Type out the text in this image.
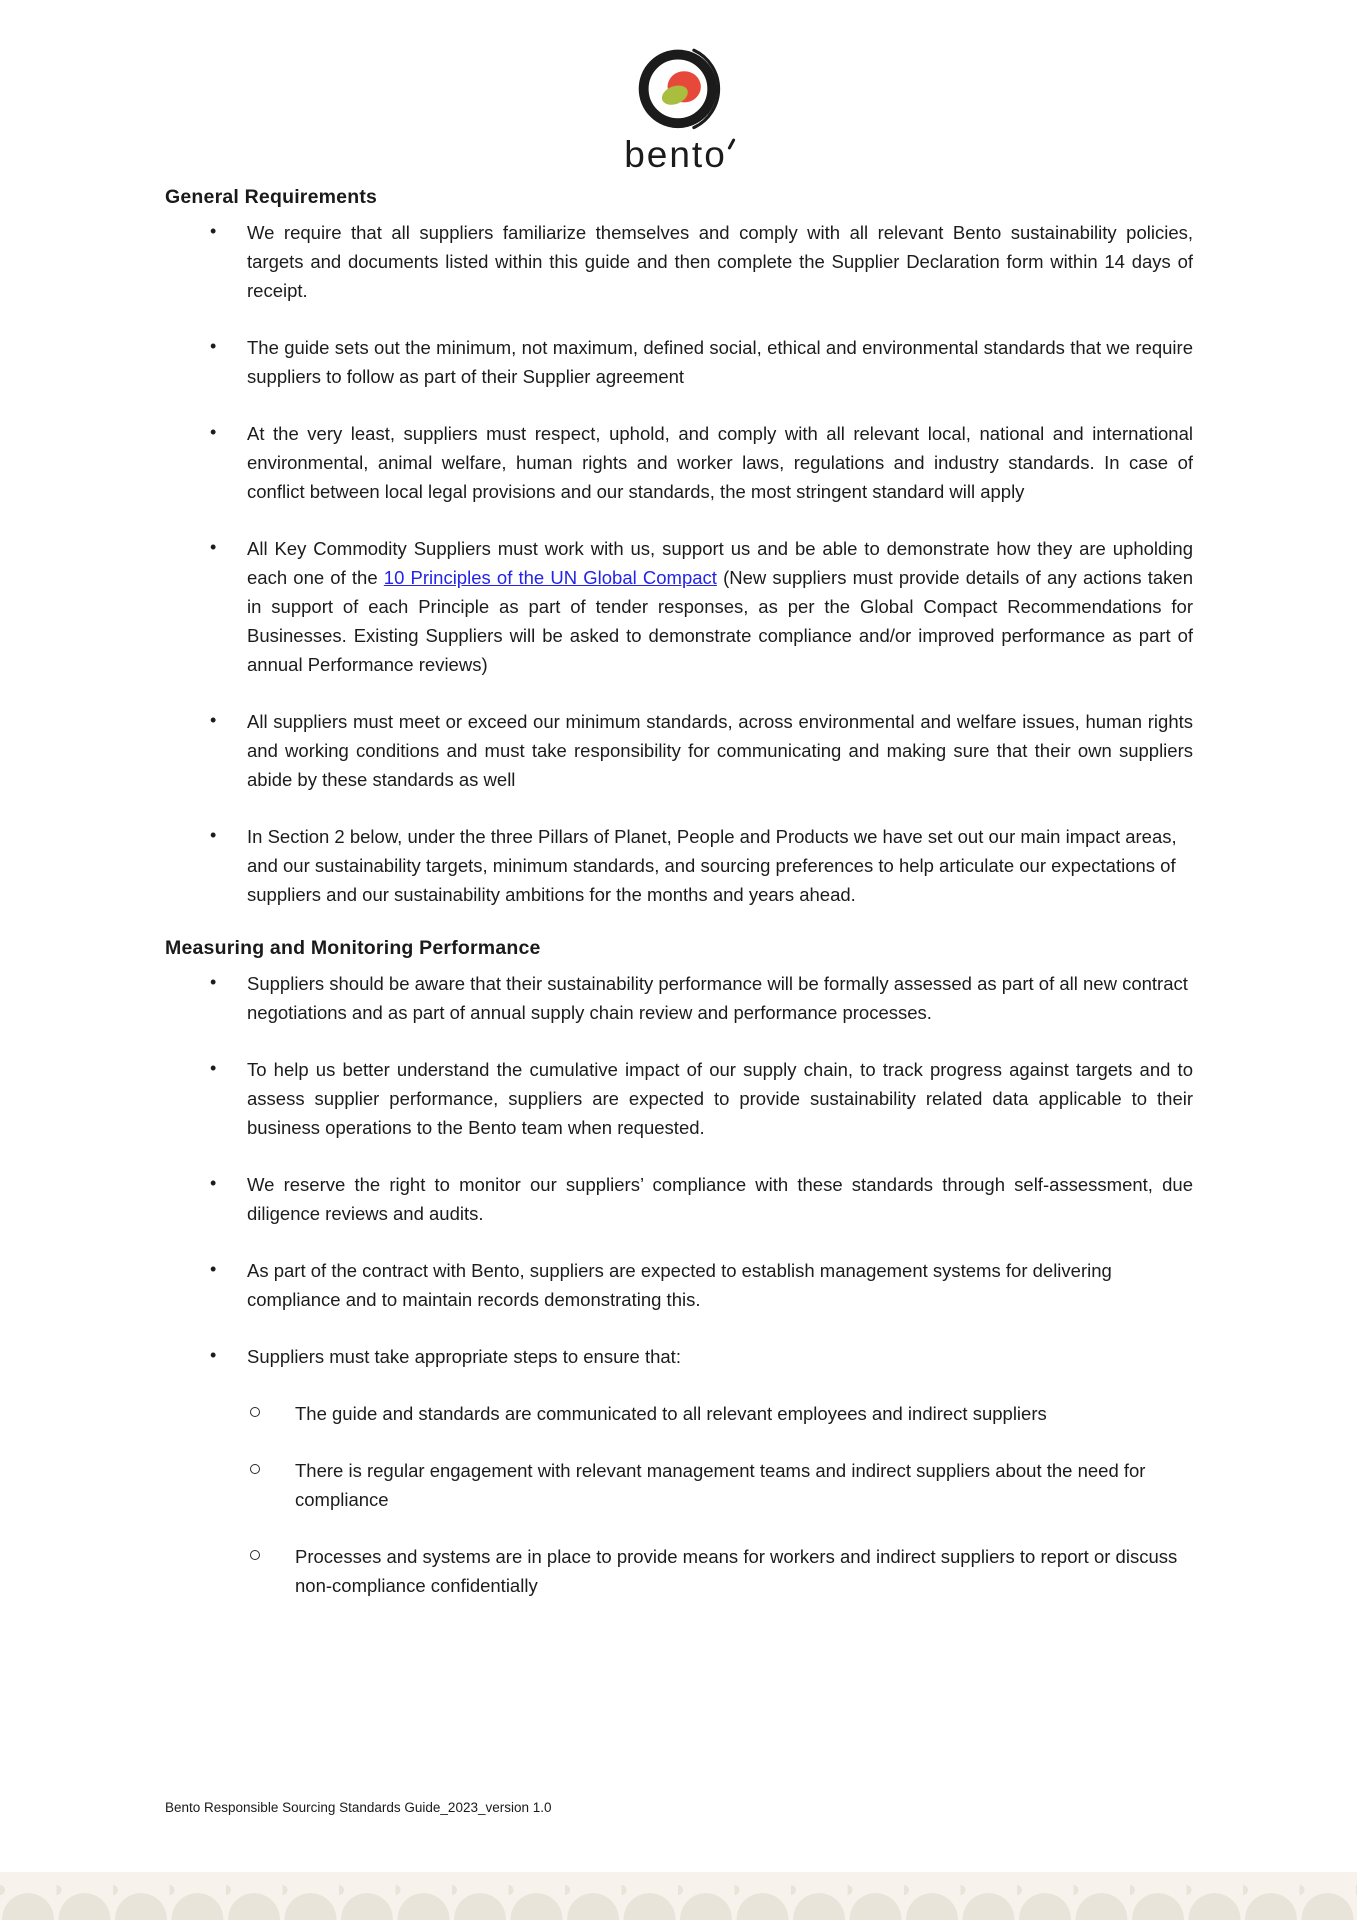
bento
General Requirements
• We require that all suppliers familiarize themselves and comply with all relevant Bento sustainability policies, targets and documents listed within this guide and then complete the Supplier Declaration form within 14 days of receipt.

• The guide sets out the minimum, not maximum, defined social, ethical and environmental standards that we require suppliers to follow as part of their Supplier agreement

• At the very least, suppliers must respect, uphold, and comply with all relevant local, national and international environmental, animal welfare, human rights and worker laws, regulations and industry standards. In case of conflict between local legal provisions and our standards, the most stringent standard will apply

• All Key Commodity Suppliers must work with us, support us and be able to demonstrate how they are upholding each one of the 10 Principles of the UN Global Compact (New suppliers must provide details of any actions taken in support of each Principle as part of tender responses, as per the Global Compact Recommendations for Businesses. Existing Suppliers will be asked to demonstrate compliance and/or improved performance as part of annual Performance reviews)

• All suppliers must meet or exceed our minimum standards, across environmental and welfare issues, human rights and working conditions and must take responsibility for communicating and making sure that their own suppliers abide by these standards as well

• In Section 2 below, under the three Pillars of Planet, People and Products we have set out our main impact areas, and our sustainability targets, minimum standards, and sourcing preferences to help articulate our expectations of suppliers and our sustainability ambitions for the months and years ahead.

Measuring and Monitoring Performance
• Suppliers should be aware that their sustainability performance will be formally assessed as part of all new contract negotiations and as part of annual supply chain review and performance processes.

• To help us better understand the cumulative impact of our supply chain, to track progress against targets and to assess supplier performance, suppliers are expected to provide sustainability related data applicable to their business operations to the Bento team when requested.

• We reserve the right to monitor our suppliers’ compliance with these standards through self-assessment, due diligence reviews and audits.

• As part of the contract with Bento, suppliers are expected to establish management systems for delivering compliance and to maintain records demonstrating this.

• Suppliers must take appropriate steps to ensure that:

The guide and standards are communicated to all relevant employees and indirect suppliers
There is regular engagement with relevant management teams and indirect suppliers about the need for compliance
Processes and systems are in place to provide means for workers and indirect suppliers to report or discuss non-compliance confidentially
Bento Responsible Sourcing Standards Guide_2023_version 1.0
